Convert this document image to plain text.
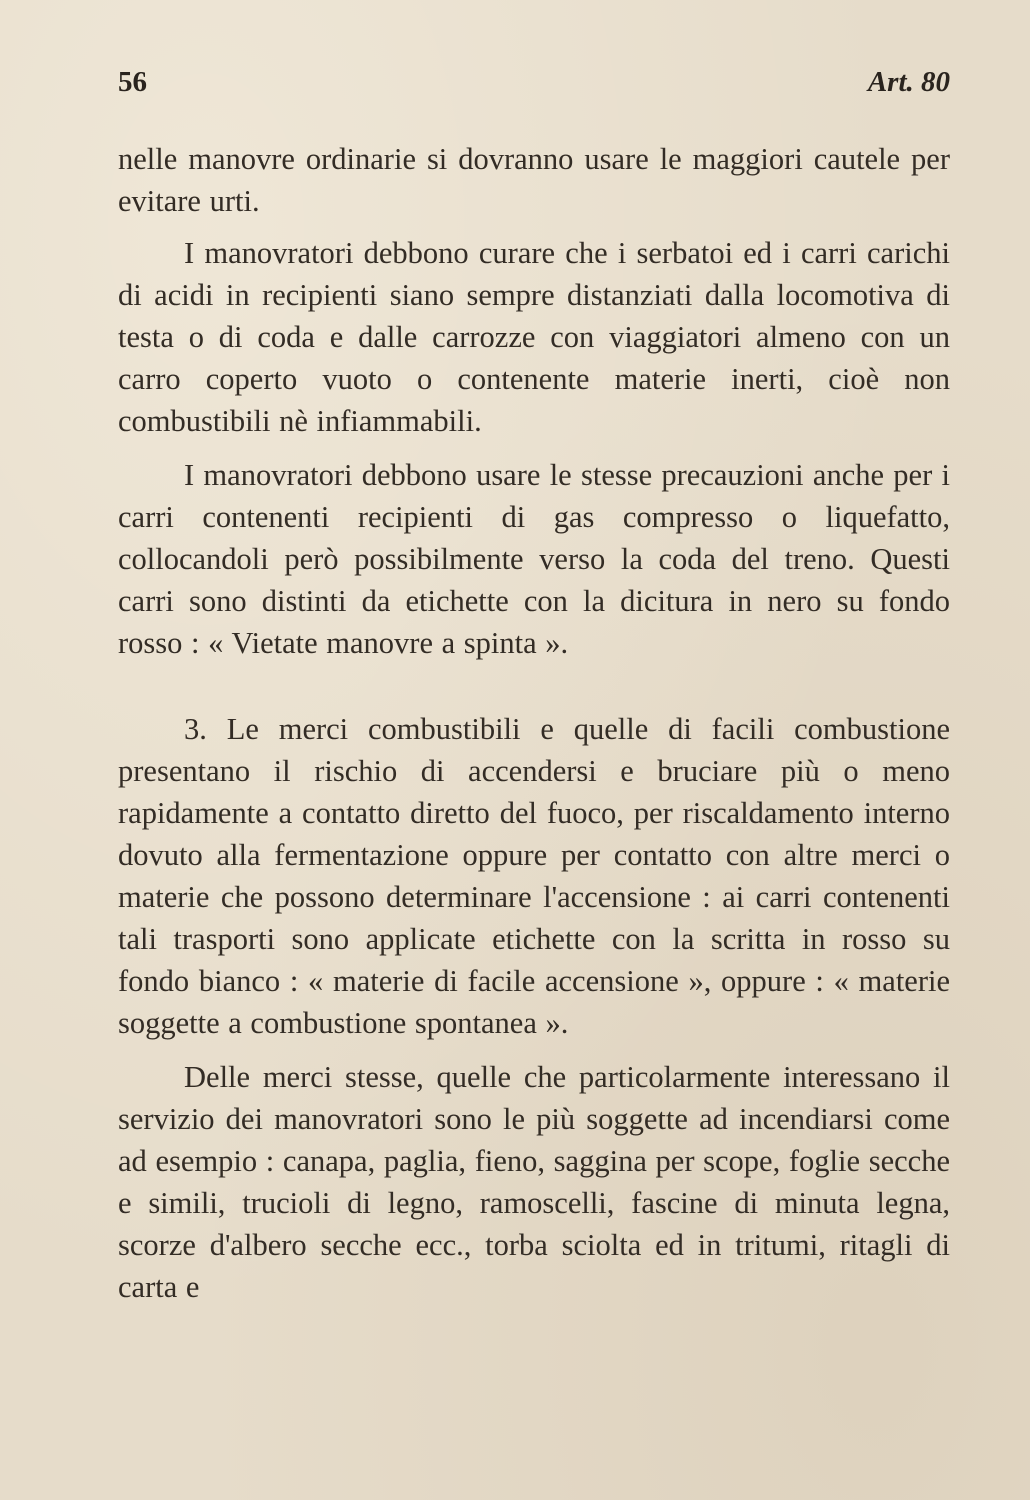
56	Art. 80

nelle manovre ordinarie si dovranno usare le maggiori cautele per evitare urti.

I manovratori debbono curare che i serbatoi ed i carri carichi di acidi in recipienti siano sempre distanziati dalla locomotiva di testa o di coda e dalle carrozze con viaggiatori almeno con un carro coperto vuoto o contenente materie inerti, cioè non combustibili nè infiammabili.

I manovratori debbono usare le stesse precauzioni anche per i carri contenenti recipienti di gas compresso o liquefatto, collocandoli però possibilmente verso la coda del treno. Questi carri sono distinti da etichette con la dicitura in nero su fondo rosso : « Vietate manovre a spinta ».

3. Le merci combustibili e quelle di facili combustione presentano il rischio di accendersi e bruciare più o meno rapidamente a contatto diretto del fuoco, per riscaldamento interno dovuto alla fermentazione oppure per contatto con altre merci o materie che possono determinare l'accensione : ai carri contenenti tali trasporti sono applicate etichette con la scritta in rosso su fondo bianco : « materie di facile accensione », oppure : « materie soggette a combustione spontanea ».

Delle merci stesse, quelle che particolarmente interessano il servizio dei manovratori sono le più soggette ad incendiarsi come ad esempio : canapa, paglia, fieno, saggina per scope, foglie secche e simili, trucioli di legno, ramoscelli, fascine di minuta legna, scorze d'albero secche ecc., torba sciolta ed in tritumi, ritagli di carta e
